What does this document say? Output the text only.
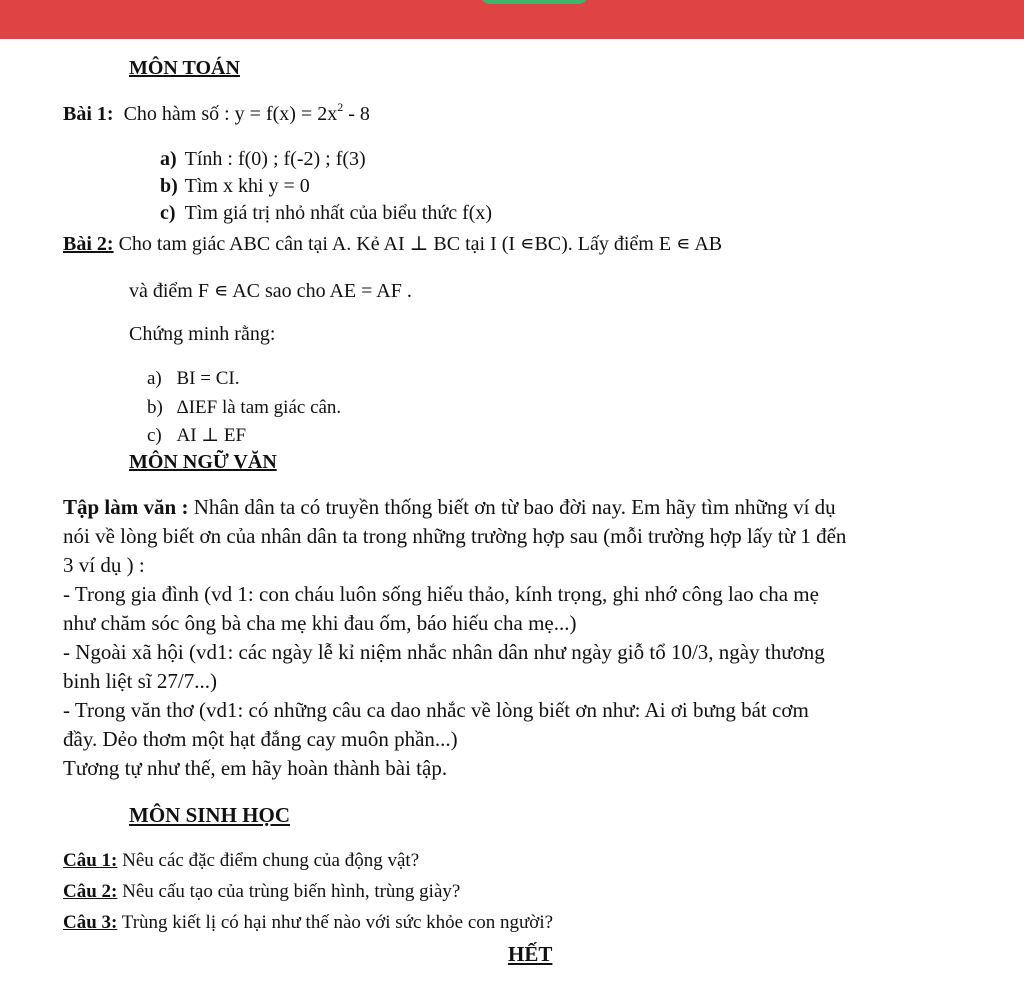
MÔN TOÁN
Bài 1: Cho hàm số : $y = f(x) = 2x^2 - 8$
a) Tính : f(0) ; f(-2) ; f(3)
b) Tìm x khi y = 0
c) Tìm giá trị nhỏ nhất của biểu thức f(x)
Bài 2: Cho tam giác ABC cân tại A. Kẻ AI ⊥ BC tại I (I ∊BC). Lấy điểm E ∊ AB
và điểm F ∊ AC sao cho AE = AF .
Chứng minh rằng:
a) BI = CI.
b) ΔIEF là tam giác cân.
c) AI ⊥ EF
MÔN NGỮ VĂN
Tập làm văn : Nhân dân ta có truyền thống biết ơn từ bao đời nay. Em hãy tìm những ví dụ
nói về lòng biết ơn của nhân dân ta trong những trường hợp sau (mỗi trường hợp lấy từ 1 đến
3 ví dụ ) :
- Trong gia đình (vd 1: con cháu luôn sống hiếu thảo, kính trọng, ghi nhớ công lao cha mẹ
như chăm sóc ông bà cha mẹ khi đau ốm, báo hiếu cha mẹ...)
- Ngoài xã hội (vd1: các ngày lễ kỉ niệm nhắc nhân dân như ngày giỗ tổ 10/3, ngày thương
binh liệt sĩ 27/7...)
- Trong văn thơ (vd1: có những câu ca dao nhắc về lòng biết ơn như: Ai ơi bưng bát cơm
đầy. Dẻo thơm một hạt đắng cay muôn phần...)
Tương tự như thế, em hãy hoàn thành bài tập.
MÔN SINH HỌC
Câu 1: Nêu các đặc điểm chung của động vật?
Câu 2: Nêu cấu tạo của trùng biến hình, trùng giày?
Câu 3: Trùng kiết lị có hại như thế nào với sức khỏe con người?
HẾT
